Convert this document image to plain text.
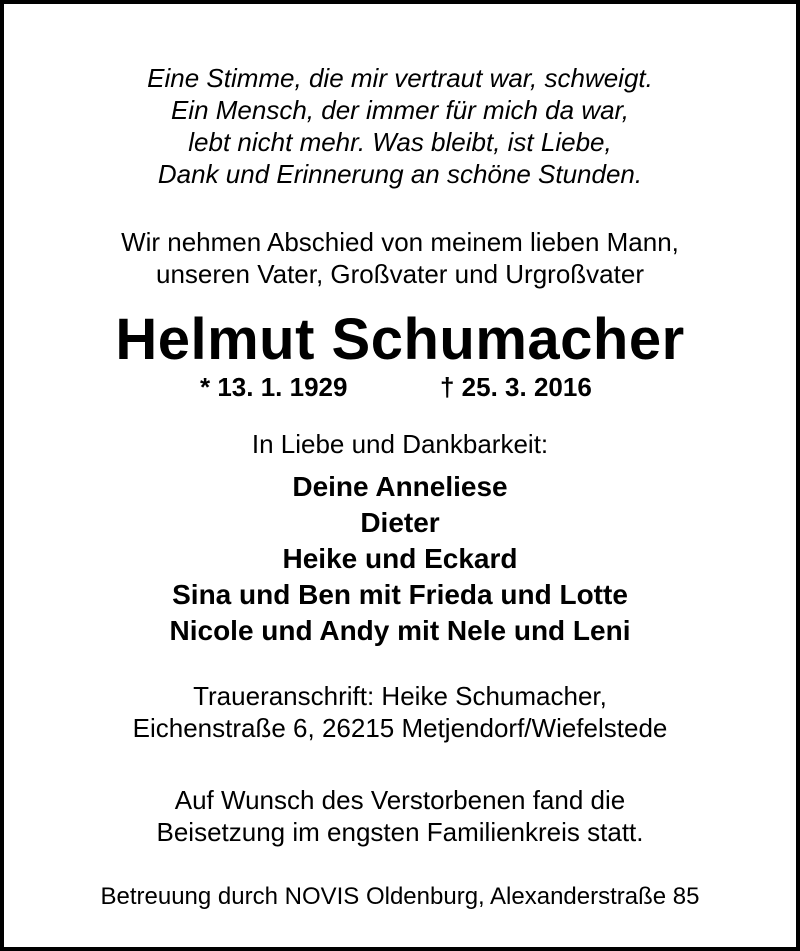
Eine Stimme, die mir vertraut war, schweigt.
Ein Mensch, der immer für mich da war,
lebt nicht mehr. Was bleibt, ist Liebe,
Dank und Erinnerung an schöne Stunden.
Wir nehmen Abschied von meinem lieben Mann,
unseren Vater, Großvater und Urgroßvater
Helmut Schumacher
* 13. 1. 1929	† 25. 3. 2016
In Liebe und Dankbarkeit:
Deine Anneliese
Dieter
Heike und Eckard
Sina und Ben mit Frieda und Lotte
Nicole und Andy mit Nele und Leni
Traueranschrift: Heike Schumacher,
Eichenstraße 6, 26215 Metjendorf/Wiefelstede
Auf Wunsch des Verstorbenen fand die
Beisetzung im engsten Familienkreis statt.
Betreuung durch NOVIS Oldenburg, Alexanderstraße 85
